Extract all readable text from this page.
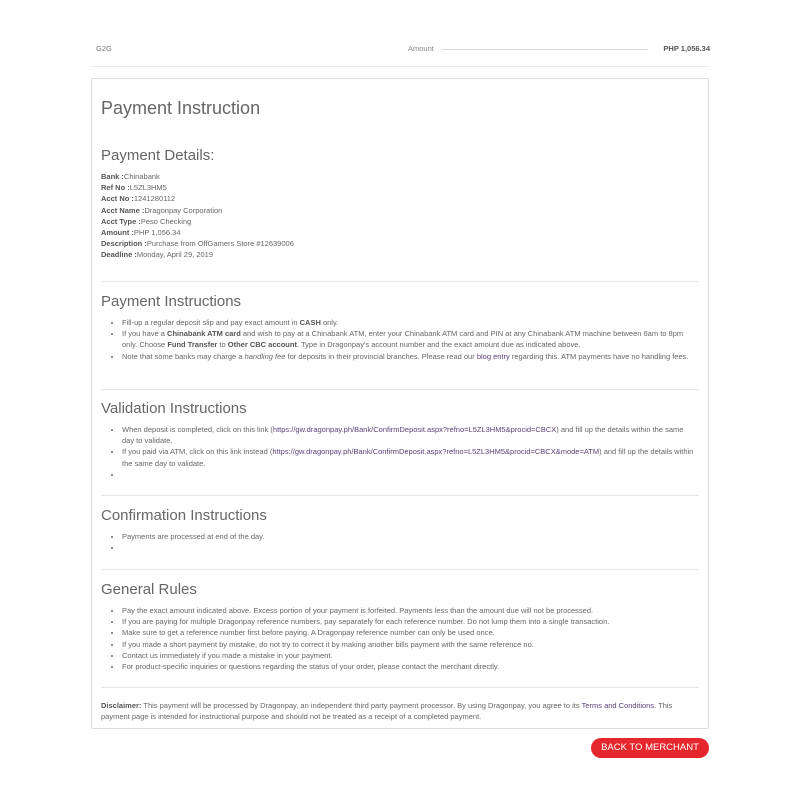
G2G	Amount	PHP 1,056.34
Payment Instruction
Payment Details:
Bank :Chinabank
Ref No :L5ZL3HM5
Acct No :1241280112
Acct Name :Dragonpay Corporation
Acct Type :Peso Checking
Amount :PHP 1,056.34
Description :Purchase from OffGamers Store #12639006
Deadline :Monday, April 29, 2019
Payment Instructions
• Fill-up a regular deposit slip and pay exact amount in CASH only.
• If you have a Chinabank ATM card and wish to pay at a Chinabank ATM, enter your Chinabank ATM card and PIN at any Chinabank ATM machine between 6am to 8pm only. Choose Fund Transfer to Other CBC account. Type in Dragonpay's account number and the exact amount due as indicated above.
• Note that some banks may charge a handling fee for deposits in their provincial branches. Please read our blog entry regarding this. ATM payments have no handling fees.
Validation Instructions
• When deposit is completed, click on this link (https://gw.dragonpay.ph/Bank/ConfirmDeposit.aspx?refno=L5ZL3HM5&procid=CBCX) and fill up the details within the same day to validate.
• If you paid via ATM, click on this link instead (https://gw.dragonpay.ph/Bank/ConfirmDeposit.aspx?refno=L5ZL3HM5&procid=CBCX&mode=ATM) and fill up the details within the same day to validate.
•
Confirmation Instructions
• Payments are processed at end of the day.
•
General Rules
• Pay the exact amount indicated above. Excess portion of your payment is forfeited. Payments less than the amount due will not be processed.
• If you are paying for multiple Dragonpay reference numbers, pay separately for each reference number. Do not lump them into a single transaction.
• Make sure to get a reference number first before paying. A Dragonpay reference number can only be used once.
• If you made a short payment by mistake, do not try to correct it by making another bills payment with the same reference no.
• Contact us immediately if you made a mistake in your payment.
• For product-specific inquiries or questions regarding the status of your order, please contact the merchant directly.
Disclaimer: This payment will be processed by Dragonpay, an independent third party payment processor. By using Dragonpay, you agree to its Terms and Conditions. This payment page is intended for instructional purpose and should not be treated as a receipt of a completed payment.
BACK TO MERCHANT
